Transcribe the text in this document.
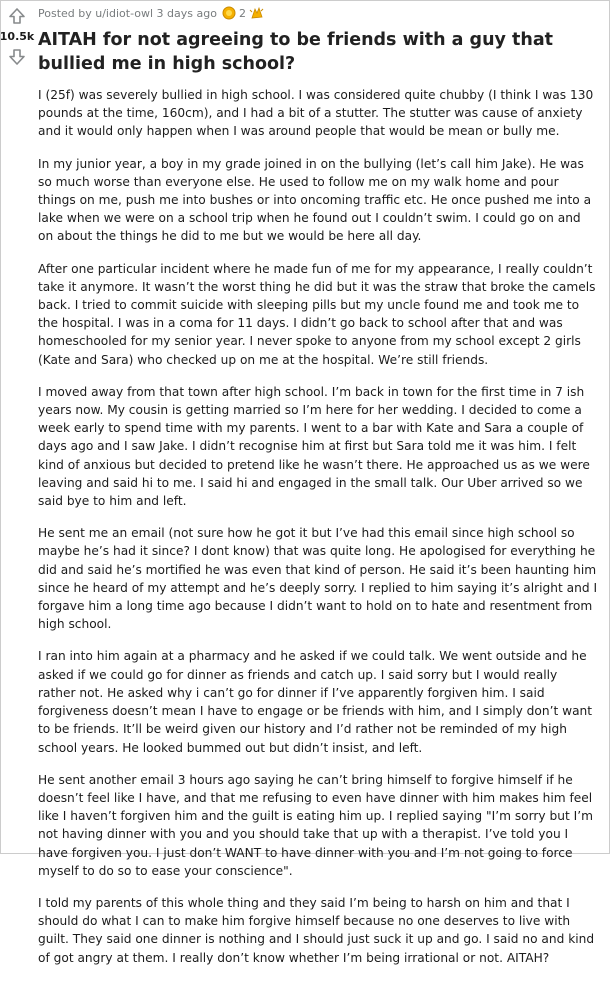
10.5k
Posted by u/idiot-owl 3 days ago 2
AITAH for not agreeing to be friends with a guy that bullied me in high school?

I (25f) was severely bullied in high school. I was considered quite chubby (I think I was 130 pounds at the time, 160cm), and I had a bit of a stutter. The stutter was cause of anxiety and it would only happen when I was around people that would be mean or bully me.

In my junior year, a boy in my grade joined in on the bullying (let’s call him Jake). He was so much worse than everyone else. He used to follow me on my walk home and pour things on me, push me into bushes or into oncoming traffic etc. He once pushed me into a lake when we were on a school trip when he found out I couldn’t swim. I could go on and on about the things he did to me but we would be here all day.

After one particular incident where he made fun of me for my appearance, I really couldn’t take it anymore. It wasn’t the worst thing he did but it was the straw that broke the camels back. I tried to commit suicide with sleeping pills but my uncle found me and took me to the hospital. I was in a coma for 11 days. I didn’t go back to school after that and was homeschooled for my senior year. I never spoke to anyone from my school except 2 girls (Kate and Sara) who checked up on me at the hospital. We’re still friends.

I moved away from that town after high school. I’m back in town for the first time in 7 ish years now. My cousin is getting married so I’m here for her wedding. I decided to come a week early to spend time with my parents. I went to a bar with Kate and Sara a couple of days ago and I saw Jake. I didn’t recognise him at first but Sara told me it was him. I felt kind of anxious but decided to pretend like he wasn’t there. He approached us as we were leaving and said hi to me. I said hi and engaged in the small talk. Our Uber arrived so we said bye to him and left.

He sent me an email (not sure how he got it but I’ve had this email since high school so maybe he’s had it since? I dont know) that was quite long. He apologised for everything he did and said he’s mortified he was even that kind of person. He said it’s been haunting him since he heard of my attempt and he’s deeply sorry. I replied to him saying it’s alright and I forgave him a long time ago because I didn’t want to hold on to hate and resentment from high school.

I ran into him again at a pharmacy and he asked if we could talk. We went outside and he asked if we could go for dinner as friends and catch up. I said sorry but I would really rather not. He asked why i can’t go for dinner if I’ve apparently forgiven him. I said forgiveness doesn’t mean I have to engage or be friends with him, and I simply don’t want to be friends. It’ll be weird given our history and I’d rather not be reminded of my high school years. He looked bummed out but didn’t insist, and left.

He sent another email 3 hours ago saying he can’t bring himself to forgive himself if he doesn’t feel like I have, and that me refusing to even have dinner with him makes him feel like I haven’t forgiven him and the guilt is eating him up. I replied saying "I’m sorry but I’m not having dinner with you and you should take that up with a therapist. I’ve told you I have forgiven you. I just don’t WANT to have dinner with you and I’m not going to force myself to do so to ease your conscience".

I told my parents of this whole thing and they said I’m being to harsh on him and that I should do what I can to make him forgive himself because no one deserves to live with guilt. They said one dinner is nothing and I should just suck it up and go. I said no and kind of got angry at them. I really don’t know whether I’m being irrational or not. AITAH?
